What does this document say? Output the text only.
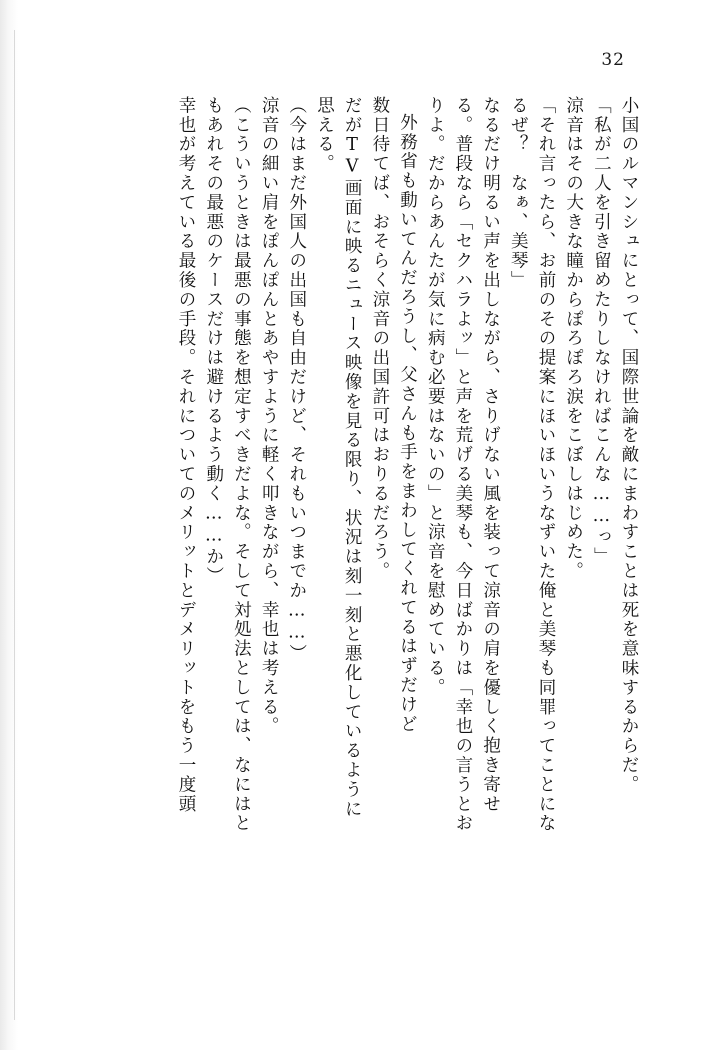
32
小国のルマンシュにとって、国際世論を敵にまわすことは死を意味するからだ。
「私が二人を引き留めたりしなければこんな……っ」
涼音はその大きな瞳からぽろぽろ涙をこぼしはじめた。
「それ言ったら、お前のその提案にほいほいうなずいた俺と美琴も同罪ってことにな
るぜ？　なぁ、美琴」
なるだけ明るい声を出しながら、さりげない風を装って涼音の肩を優しく抱き寄せ
る。普段なら「セクハラよッ」と声を荒げる美琴も、今日ばかりは「幸也の言うとお
りよ。だからあんたが気に病む必要はないの」と涼音を慰めている。
外務省も動いてんだろうし、父さんも手をまわしてくれてるはずだけど
数日待てば、おそらく涼音の出国許可はおりるだろう。
だがTV画面に映るニュース映像を見る限り、状況は刻一刻と悪化しているように
思える。
（今はまだ外国人の出国も自由だけど、それもいつまでか……）
涼音の細い肩をぽんぽんとあやすように軽く叩きながら、幸也は考える。
（こういうときは最悪の事態を想定すべきだよな。そして対処法としては、なにはと
もあれその最悪のケースだけは避けるよう動く……か）
幸也が考えている最後の手段。それについてのメリットとデメリットをもう一度頭
